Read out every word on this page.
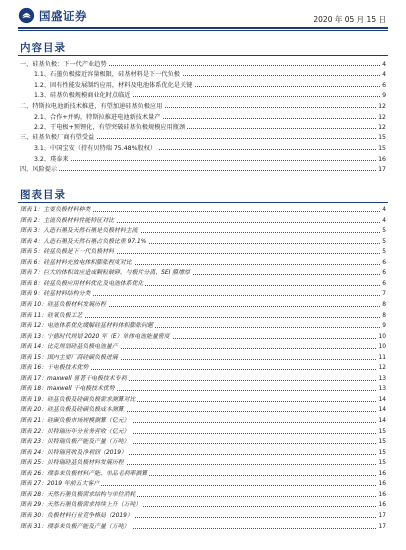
国盛证券	2020 年 05 月 15 日
内容目录
一、硅基负极：下一代产业趋势	4
1.1、石墨负极接近容量极限，硅基材料是下一代负极	4
1.2、固有性能发展制约应用，材料及电池体系优化是关键	6
1.3、硅基负极规模商业化时点临近	9
二、特斯拉电池新技术推进，有望加速硅基负极应用	12
2.1、合作+并购，特斯拉推进电池新技术量产	12
2.2、干电极+预锂化，有望突破硅基负极规模应用瓶颈	12
三、硅基负极厂商有望受益	15
3.1、中国宝安（持有贝特瑞 75.48%股权）	15
3.2、璞泰来	16
四、风险提示	17
图表目录
图表 1：主要负极材料种类	4
图表 2：主流负极材料性能特征对比	4
图表 3：人造石墨及天然石墨是负极材料主流	5
图表 4：人造石墨及天然石墨占负极比重 97.1%	5
图表 5：硅基负极是下一代负极材料	5
图表 6：硅基材料充放电体积膨胀程度对比	6
图表 7：巨大的体积效应造成颗粒破碎、与极片分离、SEI 膜增厚	6
图表 8：硅基负极应用材料优化及电池体系优化	6
图表 9：硅基材料结构分类	7
图表 10：硅基负极材料发展历程	8
图表 11：硅氧负极工艺	8
图表 12：电池体系优化缓解硅基材料体积膨胀问题	9
图表 13：宁德时代规划 2020 年（E）单体电池能量密度	10
图表 14：比克规划硅基负极电池量产	10
图表 15：国内主要厂商硅碳负极进展	11
图表 16：干电极技术优势	12
图表 17：maxwell 显著干电极技术专利	13
图表 18：maxwell 干电极技术优势	13
图表 19：硅基负极及硅碳负极需求测算对比	14
图表 20：硅基负极及硅碳负极成本测算	14
图表 21：硅碳负极市场规模测算（亿元）	14
图表 22：贝特瑞历年分业务营收（亿元）	15
图表 23：贝特瑞负极产能及产量（万吨）	15
图表 24：贝特瑞营收及净利润（2019）	15
图表 25：贝特瑞硅基负极材料发展历程	15
图表 26：璞泰来负极材料产能、单品毛利率测算	16
图表 27：2019 年前五大客户	16
图表 28：天然石墨负极需求结构与单位消耗	16
图表 29：天然石墨负极需求持续上升（万吨）	16
图表 30：负极材料行业竞争格局（2019）	17
图表 31：璞泰来负极产能及产量（万吨）	17
